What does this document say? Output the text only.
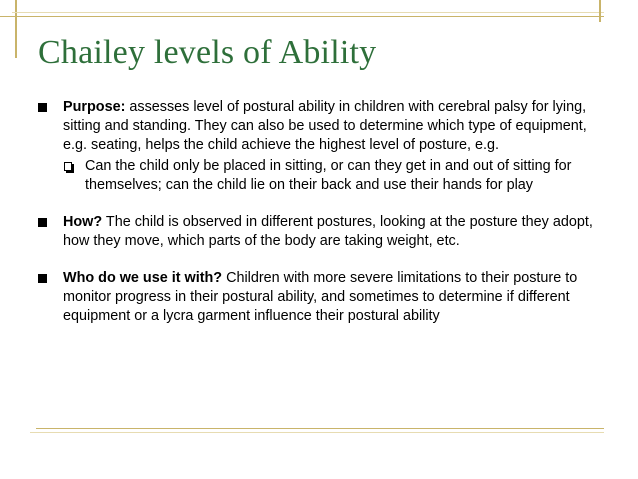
Chailey levels of Ability
Purpose: assesses level of postural ability in children with cerebral palsy for lying, sitting and standing. They can also be used to determine which type of equipment, e.g. seating, helps the child achieve the highest level of posture, e.g.
Can the child only be placed in sitting, or can they get in and out of sitting for themselves; can the child lie on their back and use their hands for play
How? The child is observed in different postures, looking at the posture they adopt, how they move, which parts of the body are taking weight, etc.
Who do we use it with? Children with more severe limitations to their posture to monitor progress in their postural ability, and sometimes to determine if different equipment or a lycra garment influence their postural ability
